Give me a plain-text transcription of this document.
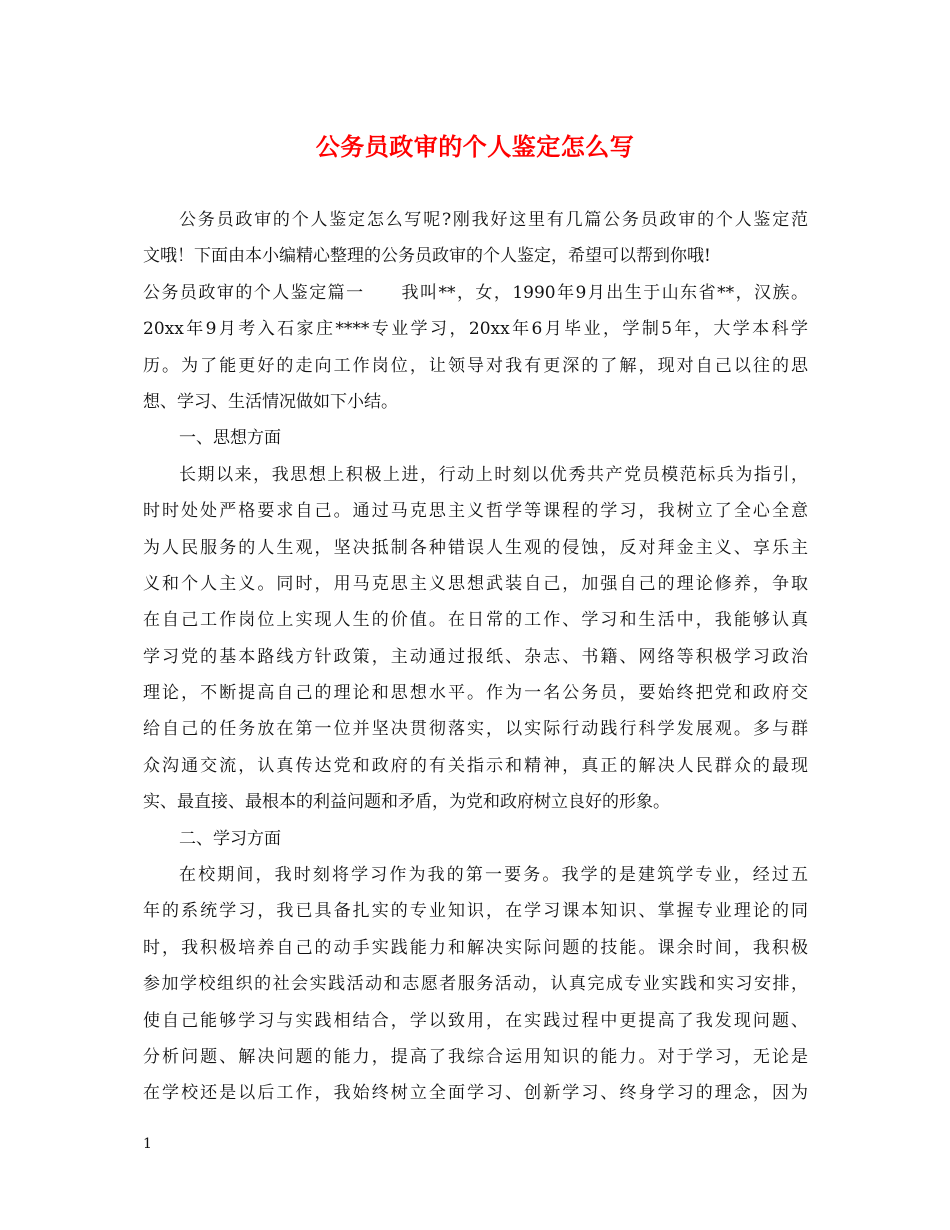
公务员政审的个人鉴定怎么写
公务员政审的个人鉴定怎么写呢?刚我好这里有几篇公务员政审的个人鉴定范
文哦！下面由本小编精心整理的公务员政审的个人鉴定，希望可以帮到你哦!
公务员政审的个人鉴定篇一　　我叫**，女，1990年9月出生于山东省**，汉族。
20xx年9月考入石家庄****专业学习，20xx年6月毕业，学制5年，大学本科学
历。为了能更好的走向工作岗位，让领导对我有更深的了解，现对自己以往的思
想、学习、生活情况做如下小结。
一、思想方面
长期以来，我思想上积极上进，行动上时刻以优秀共产党员模范标兵为指引，
时时处处严格要求自己。通过马克思主义哲学等课程的学习，我树立了全心全意
为人民服务的人生观，坚决抵制各种错误人生观的侵蚀，反对拜金主义、享乐主
义和个人主义。同时，用马克思主义思想武装自己，加强自己的理论修养，争取
在自己工作岗位上实现人生的价值。在日常的工作、学习和生活中，我能够认真
学习党的基本路线方针政策，主动通过报纸、杂志、书籍、网络等积极学习政治
理论，不断提高自己的理论和思想水平。作为一名公务员，要始终把党和政府交
给自己的任务放在第一位并坚决贯彻落实，以实际行动践行科学发展观。多与群
众沟通交流，认真传达党和政府的有关指示和精神，真正的解决人民群众的最现
实、最直接、最根本的利益问题和矛盾，为党和政府树立良好的形象。
二、学习方面
在校期间，我时刻将学习作为我的第一要务。我学的是建筑学专业，经过五
年的系统学习，我已具备扎实的专业知识，在学习课本知识、掌握专业理论的同
时，我积极培养自己的动手实践能力和解决实际问题的技能。课余时间，我积极
参加学校组织的社会实践活动和志愿者服务活动，认真完成专业实践和实习安排，
使自己能够学习与实践相结合，学以致用，在实践过程中更提高了我发现问题、
分析问题、解决问题的能力，提高了我综合运用知识的能力。对于学习，无论是
在学校还是以后工作，我始终树立全面学习、创新学习、终身学习的理念，因为
1
